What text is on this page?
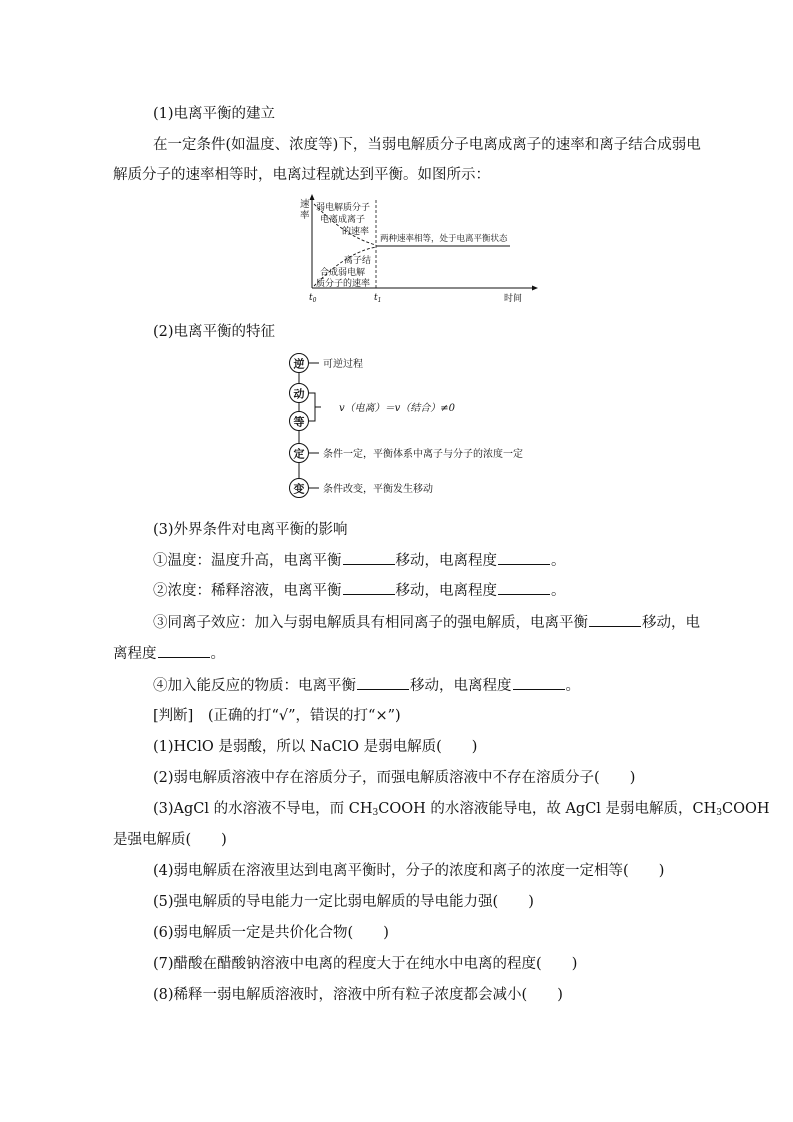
(1)电离平衡的建立
在一定条件(如温度、浓度等)下，当弱电解质分子电离成离子的速率和离子结合成弱电
解质分子的速率相等时，电离过程就达到平衡。如图所示：
速
率
弱电解质分子
电离成离子
的速率
两种速率相等，处于电离平衡状态
离子结
合成弱电解
质分子的速率
$t_0$	$t_1$	时间
(2)电离平衡的特征
逆
动
等
定
变
可逆过程
v（电离）＝v（结合）≠0
条件一定，平衡体系中离子与分子的浓度一定
条件改变，平衡发生移动
(3)外界条件对电离平衡的影响
①温度：温度升高，电离平衡	移动，电离程度	。
②浓度：稀释溶液，电离平衡	移动，电离程度	。
③同离子效应：加入与弱电解质具有相同离子的强电解质，电离平衡	移动，电
离程度	。
④加入能反应的物质：电离平衡	移动，电离程度	。
[判断]　(正确的打“√”，错误的打“×”)
(1)HClO 是弱酸，所以 NaClO 是弱电解质( )
(2)弱电解质溶液中存在溶质分子，而强电解质溶液中不存在溶质分子( )
(3)AgCl 的水溶液不导电，而 $CH_3COOH$ 的水溶液能导电，故 AgCl 是弱电解质，$CH_3COOH$
是强电解质( )
(4)弱电解质在溶液里达到电离平衡时，分子的浓度和离子的浓度一定相等( )
(5)强电解质的导电能力一定比弱电解质的导电能力强( )
(6)弱电解质一定是共价化合物( )
(7)醋酸在醋酸钠溶液中电离的程度大于在纯水中电离的程度( )
(8)稀释一弱电解质溶液时，溶液中所有粒子浓度都会减小( )
